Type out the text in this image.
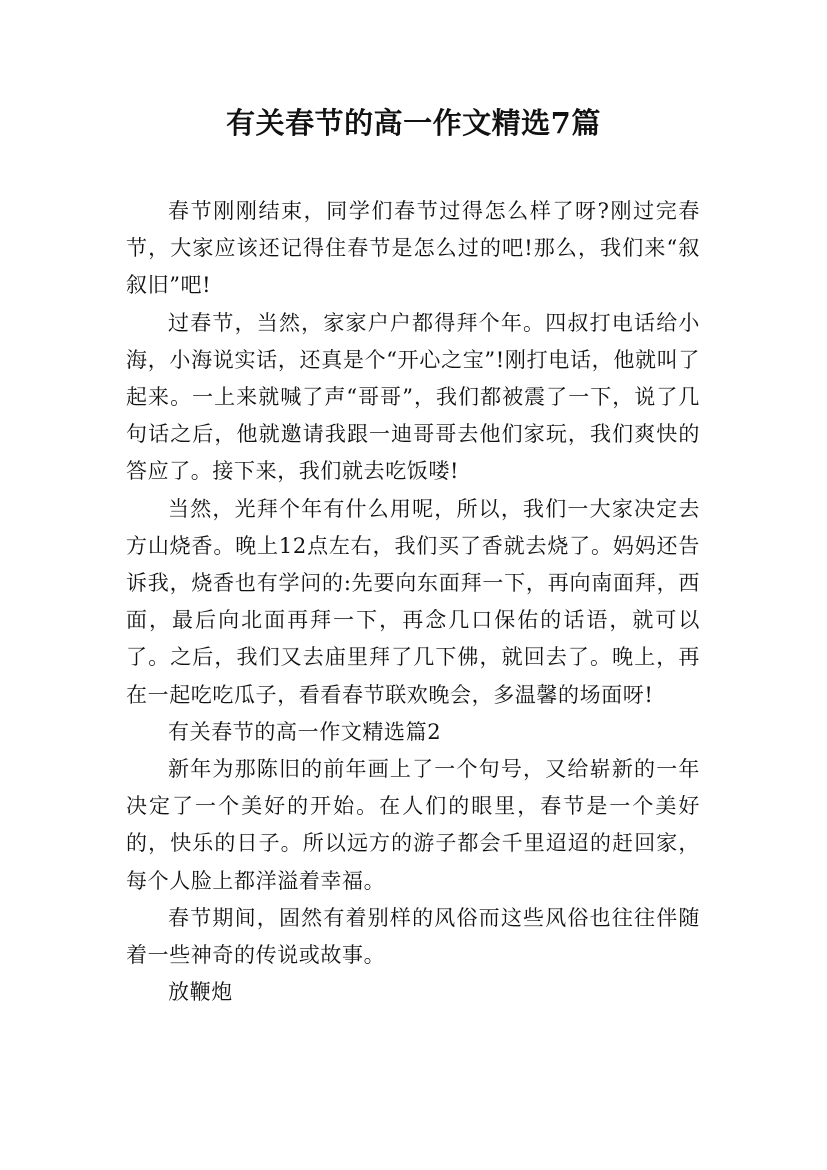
有关春节的高一作文精选7篇

春节刚刚结束，同学们春节过得怎么样了呀?刚过完春节，大家应该还记得住春节是怎么过的吧!那么，我们来“叙叙旧”吧!

过春节，当然，家家户户都得拜个年。四叔打电话给小海，小海说实话，还真是个“开心之宝”!刚打电话，他就叫了起来。一上来就喊了声“哥哥”，我们都被震了一下，说了几句话之后，他就邀请我跟一迪哥哥去他们家玩，我们爽快的答应了。接下来，我们就去吃饭喽!

当然，光拜个年有什么用呢，所以，我们一大家决定去方山烧香。晚上12点左右，我们买了香就去烧了。妈妈还告诉我，烧香也有学问的:先要向东面拜一下，再向南面拜，西面，最后向北面再拜一下，再念几口保佑的话语，就可以了。之后，我们又去庙里拜了几下佛，就回去了。晚上，再在一起吃吃瓜子，看看春节联欢晚会，多温馨的场面呀!

有关春节的高一作文精选篇2

新年为那陈旧的前年画上了一个句号，又给崭新的一年决定了一个美好的开始。在人们的眼里，春节是一个美好的，快乐的日子。所以远方的游子都会千里迢迢的赶回家，每个人脸上都洋溢着幸福。

春节期间，固然有着别样的风俗而这些风俗也往往伴随着一些神奇的传说或故事。

放鞭炮
